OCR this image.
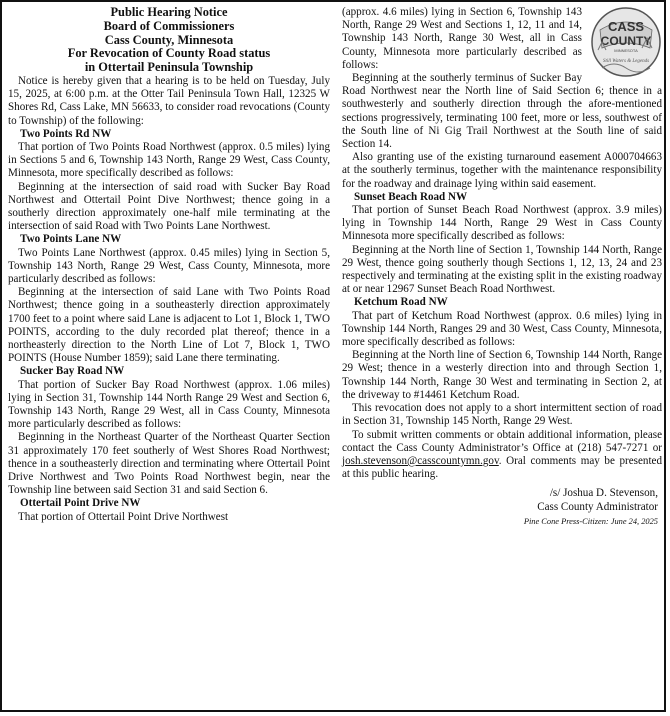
Public Hearing Notice
Board of Commissioners
Cass County, Minnesota
For Revocation of County Road status
in Ottertail Peninsula Township

Notice is hereby given that a hearing is to be held on Tuesday, July 15, 2025, at 6:00 p.m. at the Otter Tail Peninsula Town Hall, 12325 W Shores Rd, Cass Lake, MN 56633, to consider road revocations (County to Township) of the following:

Two Points Rd NW

That portion of Two Points Road Northwest (approx. 0.5 miles) lying in Sections 5 and 6, Township 143 North, Range 29 West, Cass County, Minnesota, more specifically described as follows:

Beginning at the intersection of said road with Sucker Bay Road Northwest and Ottertail Point Dive Northwest; thence going in a southerly direction approximately one-half mile terminating at the intersection of said Road with Two Points Lane Northwest.

Two Points Lane NW

Two Points Lane Northwest (approx. 0.45 miles) lying in Section 5, Township 143 North, Range 29 West, Cass County, Minnesota, more particularly described as follows:

Beginning at the intersection of said Lane with Two Points Road Northwest; thence going in a southeasterly direction approximately 1700 feet to a point where said Lane is adjacent to Lot 1, Block 1, TWO POINTS, according to the duly recorded plat thereof; thence in a northeasterly direction to the North Line of Lot 7, Block 1, TWO POINTS (House Number 1859); said Lane there terminating.

Sucker Bay Road NW

That portion of Sucker Bay Road Northwest (approx. 1.06 miles) lying in Section 31, Township 144 North Range 29 West and Section 6, Township 143 North, Range 29 West, all in Cass County, Minnesota more particularly described as follows:

Beginning in the Northeast Quarter of the Northeast Quarter Section 31 approximately 170 feet southerly of West Shores Road Northwest; thence in a southeasterly direction and terminating where Ottertail Point Drive Northwest and Two Points Road Northwest begin, near the Township line between said Section 31 and said Section 6.

Ottertail Point Drive NW

That portion of Ottertail Point Drive Northwest

CASS
COUNTY
MINNESOTA
Still Waters & Legends

(approx. 4.6 miles) lying in Section 6, Township 143 North, Range 29 West and Sections 1, 12, 11 and 14, Township 143 North, Range 30 West, all in Cass County, Minnesota more particularly described as follows:

Beginning at the southerly terminus of Sucker Bay Road Northwest near the North line of Said Section 6; thence in a southwesterly and southerly direction through the afore-mentioned sections progressively, terminating 100 feet, more or less, southwest of the South line of Ni Gig Trail Northwest at the South line of said Section 14.

Also granting use of the existing turnaround easement A000704663 at the southerly terminus, together with the maintenance responsibility for the roadway and drainage lying within said easement.

Sunset Beach Road NW

That portion of Sunset Beach Road Northwest (approx. 3.9 miles) lying in Township 144 North, Range 29 West in Cass County Minnesota more specifically described as follows:

Beginning at the North line of Section 1, Township 144 North, Range 29 West, thence going southerly though Sections 1, 12, 13, 24 and 23 respectively and terminating at the existing split in the existing roadway at or near 12967 Sunset Beach Road Northwest.

Ketchum Road NW

That part of Ketchum Road Northwest (approx. 0.6 miles) lying in Township 144 North, Ranges 29 and 30 West, Cass County, Minnesota, more specifically described as follows:

Beginning at the North line of Section 6, Township 144 North, Range 29 West; thence in a westerly direction into and through Section 1, Township 144 North, Range 30 West and terminating in Section 2, at the driveway to #14461 Ketchum Road.

This revocation does not apply to a short intermittent section of road in Section 31, Township 145 North, Range 29 West.

To submit written comments or obtain additional information, please contact the Cass County Administrator’s Office at (218) 547-7271 or josh.stevenson@casscountymn.gov. Oral comments may be presented at this public hearing.

/s/ Joshua D. Stevenson,
Cass County Administrator

Pine Cone Press-Citizen: June 24, 2025
